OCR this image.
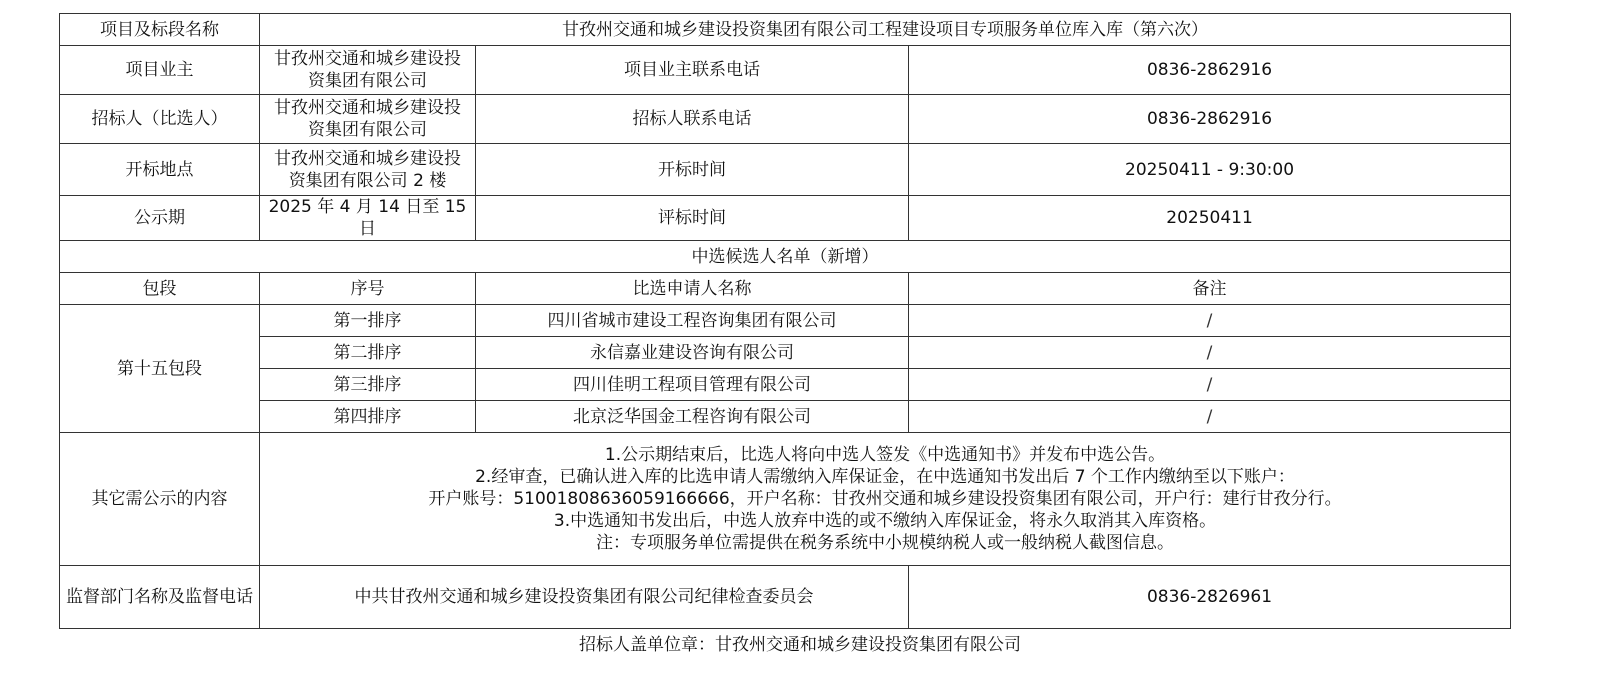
项目及标段名称	甘孜州交通和城乡建设投资集团有限公司工程建设项目专项服务单位库入库（第六次）		
项目业主	甘孜州交通和城乡建设投资集团有限公司	项目业主联系电话	0836-2862916
招标人（比选人）	甘孜州交通和城乡建设投资集团有限公司	招标人联系电话	0836-2862916
开标地点	甘孜州交通和城乡建设投资集团有限公司 2 楼	开标时间	20250411 - 9:30:00
公示期	2025 年 4 月 14 日至 15 日	评标时间	20250411
中选候选人名单（新增）			
包段	序号	比选申请人名称	备注
第十五包段	第一排序	四川省城市建设工程咨询集团有限公司	/
	第二排序	永信嘉业建设咨询有限公司	/
	第三排序	四川佳明工程项目管理有限公司	/
	第四排序	北京泛华国金工程咨询有限公司	/
其它需公示的内容	1.公示期结束后，比选人将向中选人签发《中选通知书》并发布中选公告。
2.经审查，已确认进入库的比选申请人需缴纳入库保证金，在中选通知书发出后 7 个工作内缴纳至以下账户：
开户账号：51001808636059166666，开户名称：甘孜州交通和城乡建设投资集团有限公司，开户行：建行甘孜分行。
3.中选通知书发出后，中选人放弃中选的或不缴纳入库保证金，将永久取消其入库资格。
注：专项服务单位需提供在税务系统中小规模纳税人或一般纳税人截图信息。		

监督部门名称及监督电话	中共甘孜州交通和城乡建设投资集团有限公司纪律检查委员会		0836-2826961
招标人盖单位章：甘孜州交通和城乡建设投资集团有限公司
